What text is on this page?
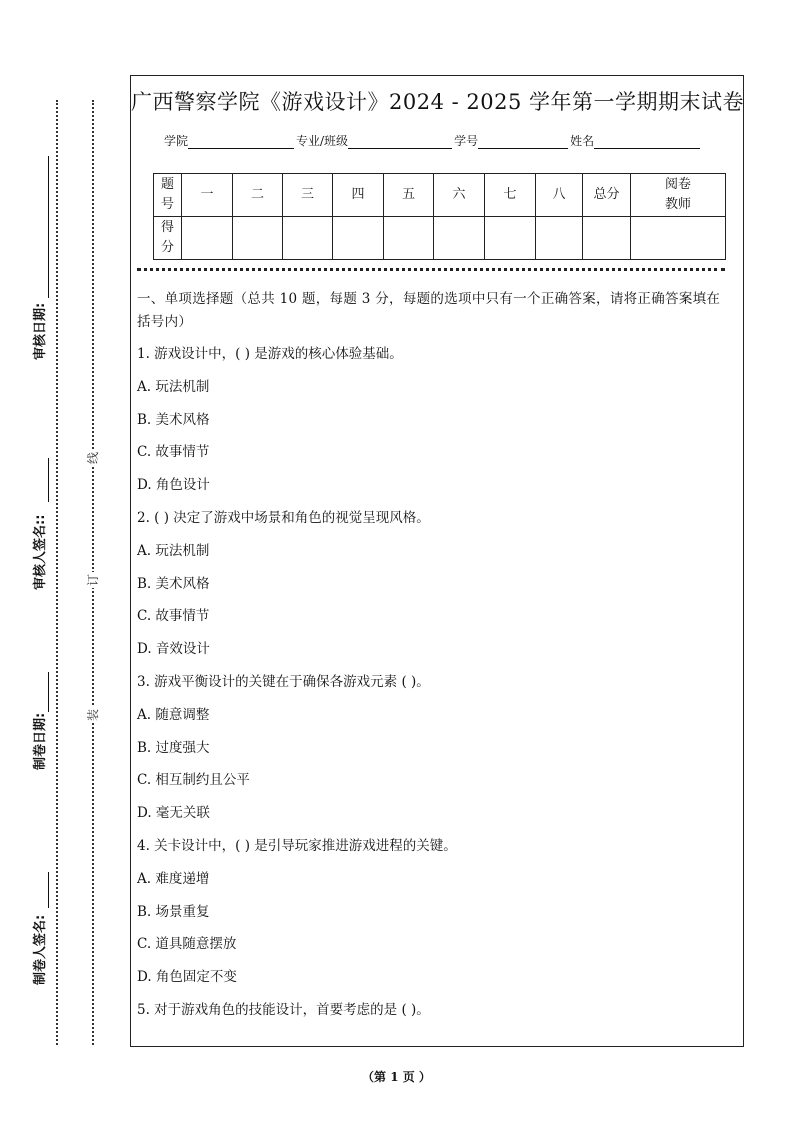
制卷人签名:
制卷日期:
审核人签名::
审核日期:
装
订
线
广西警察学院《游戏设计》2024 - 2025 学年第一学期期末试卷
学院	专业/班级	学号	姓名
题号	一	二	三	四	五	六	七	八	总分	阅卷教师
得分										
一、单项选择题（总共 10 题，每题 3 分，每题的选项中只有一个正确答案，请将正确答案填在括号内）
1. 游戏设计中，( ) 是游戏的核心体验基础。
A. 玩法机制
B. 美术风格
C. 故事情节
D. 角色设计
2. ( ) 决定了游戏中场景和角色的视觉呈现风格。
A. 玩法机制
B. 美术风格
C. 故事情节
D. 音效设计
3. 游戏平衡设计的关键在于确保各游戏元素 ( )。
A. 随意调整
B. 过度强大
C. 相互制约且公平
D. 毫无关联
4. 关卡设计中，( ) 是引导玩家推进游戏进程的关键。
A. 难度递增
B. 场景重复
C. 道具随意摆放
D. 角色固定不变
5. 对于游戏角色的技能设计，首要考虑的是 ( )。
（第 1 页 ）
